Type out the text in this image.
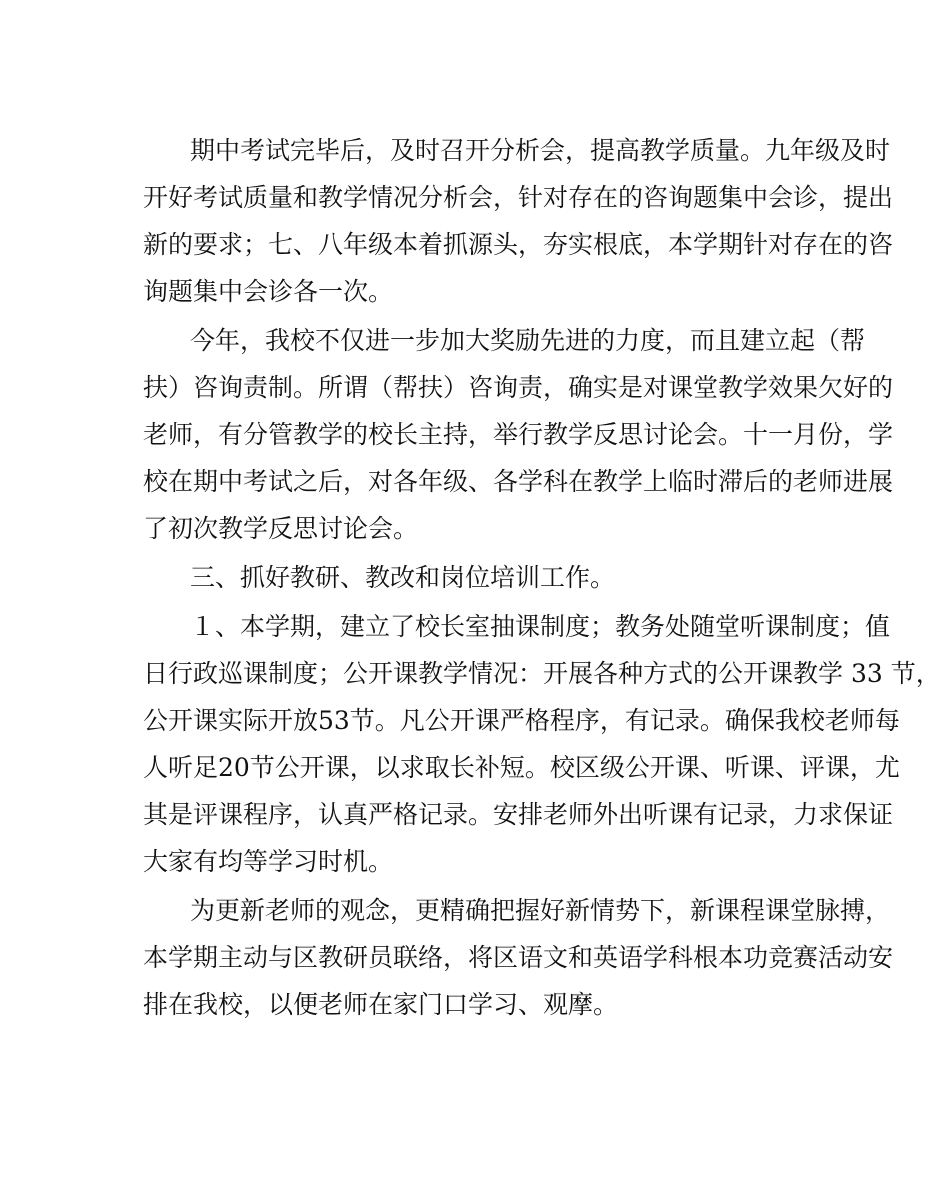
期中考试完毕后，及时召开分析会，提高教学质量。九年级及时
开好考试质量和教学情况分析会，针对存在的咨询题集中会诊，提出
新的要求；七、八年级本着抓源头，夯实根底，本学期针对存在的咨
询题集中会诊各一次。
今年，我校不仅进一步加大奖励先进的力度，而且建立起（帮
扶）咨询责制。所谓（帮扶）咨询责，确实是对课堂教学效果欠好的
老师，有分管教学的校长主持，举行教学反思讨论会。十一月份，学
校在期中考试之后，对各年级、各学科在教学上临时滞后的老师进展
了初次教学反思讨论会。
三、抓好教研、教改和岗位培训工作。
１、本学期，建立了校长室抽课制度；教务处随堂听课制度；值
日行政巡课制度；公开课教学情况：开展各种方式的公开课教学 33 节，
公开课实际开放53节。凡公开课严格程序，有记录。确保我校老师每
人听足20节公开课，以求取长补短。校区级公开课、听课、评课，尤
其是评课程序，认真严格记录。安排老师外出听课有记录，力求保证
大家有均等学习时机。
为更新老师的观念，更精确把握好新情势下，新课程课堂脉搏，
本学期主动与区教研员联络，将区语文和英语学科根本功竞赛活动安
排在我校，以便老师在家门口学习、观摩。
